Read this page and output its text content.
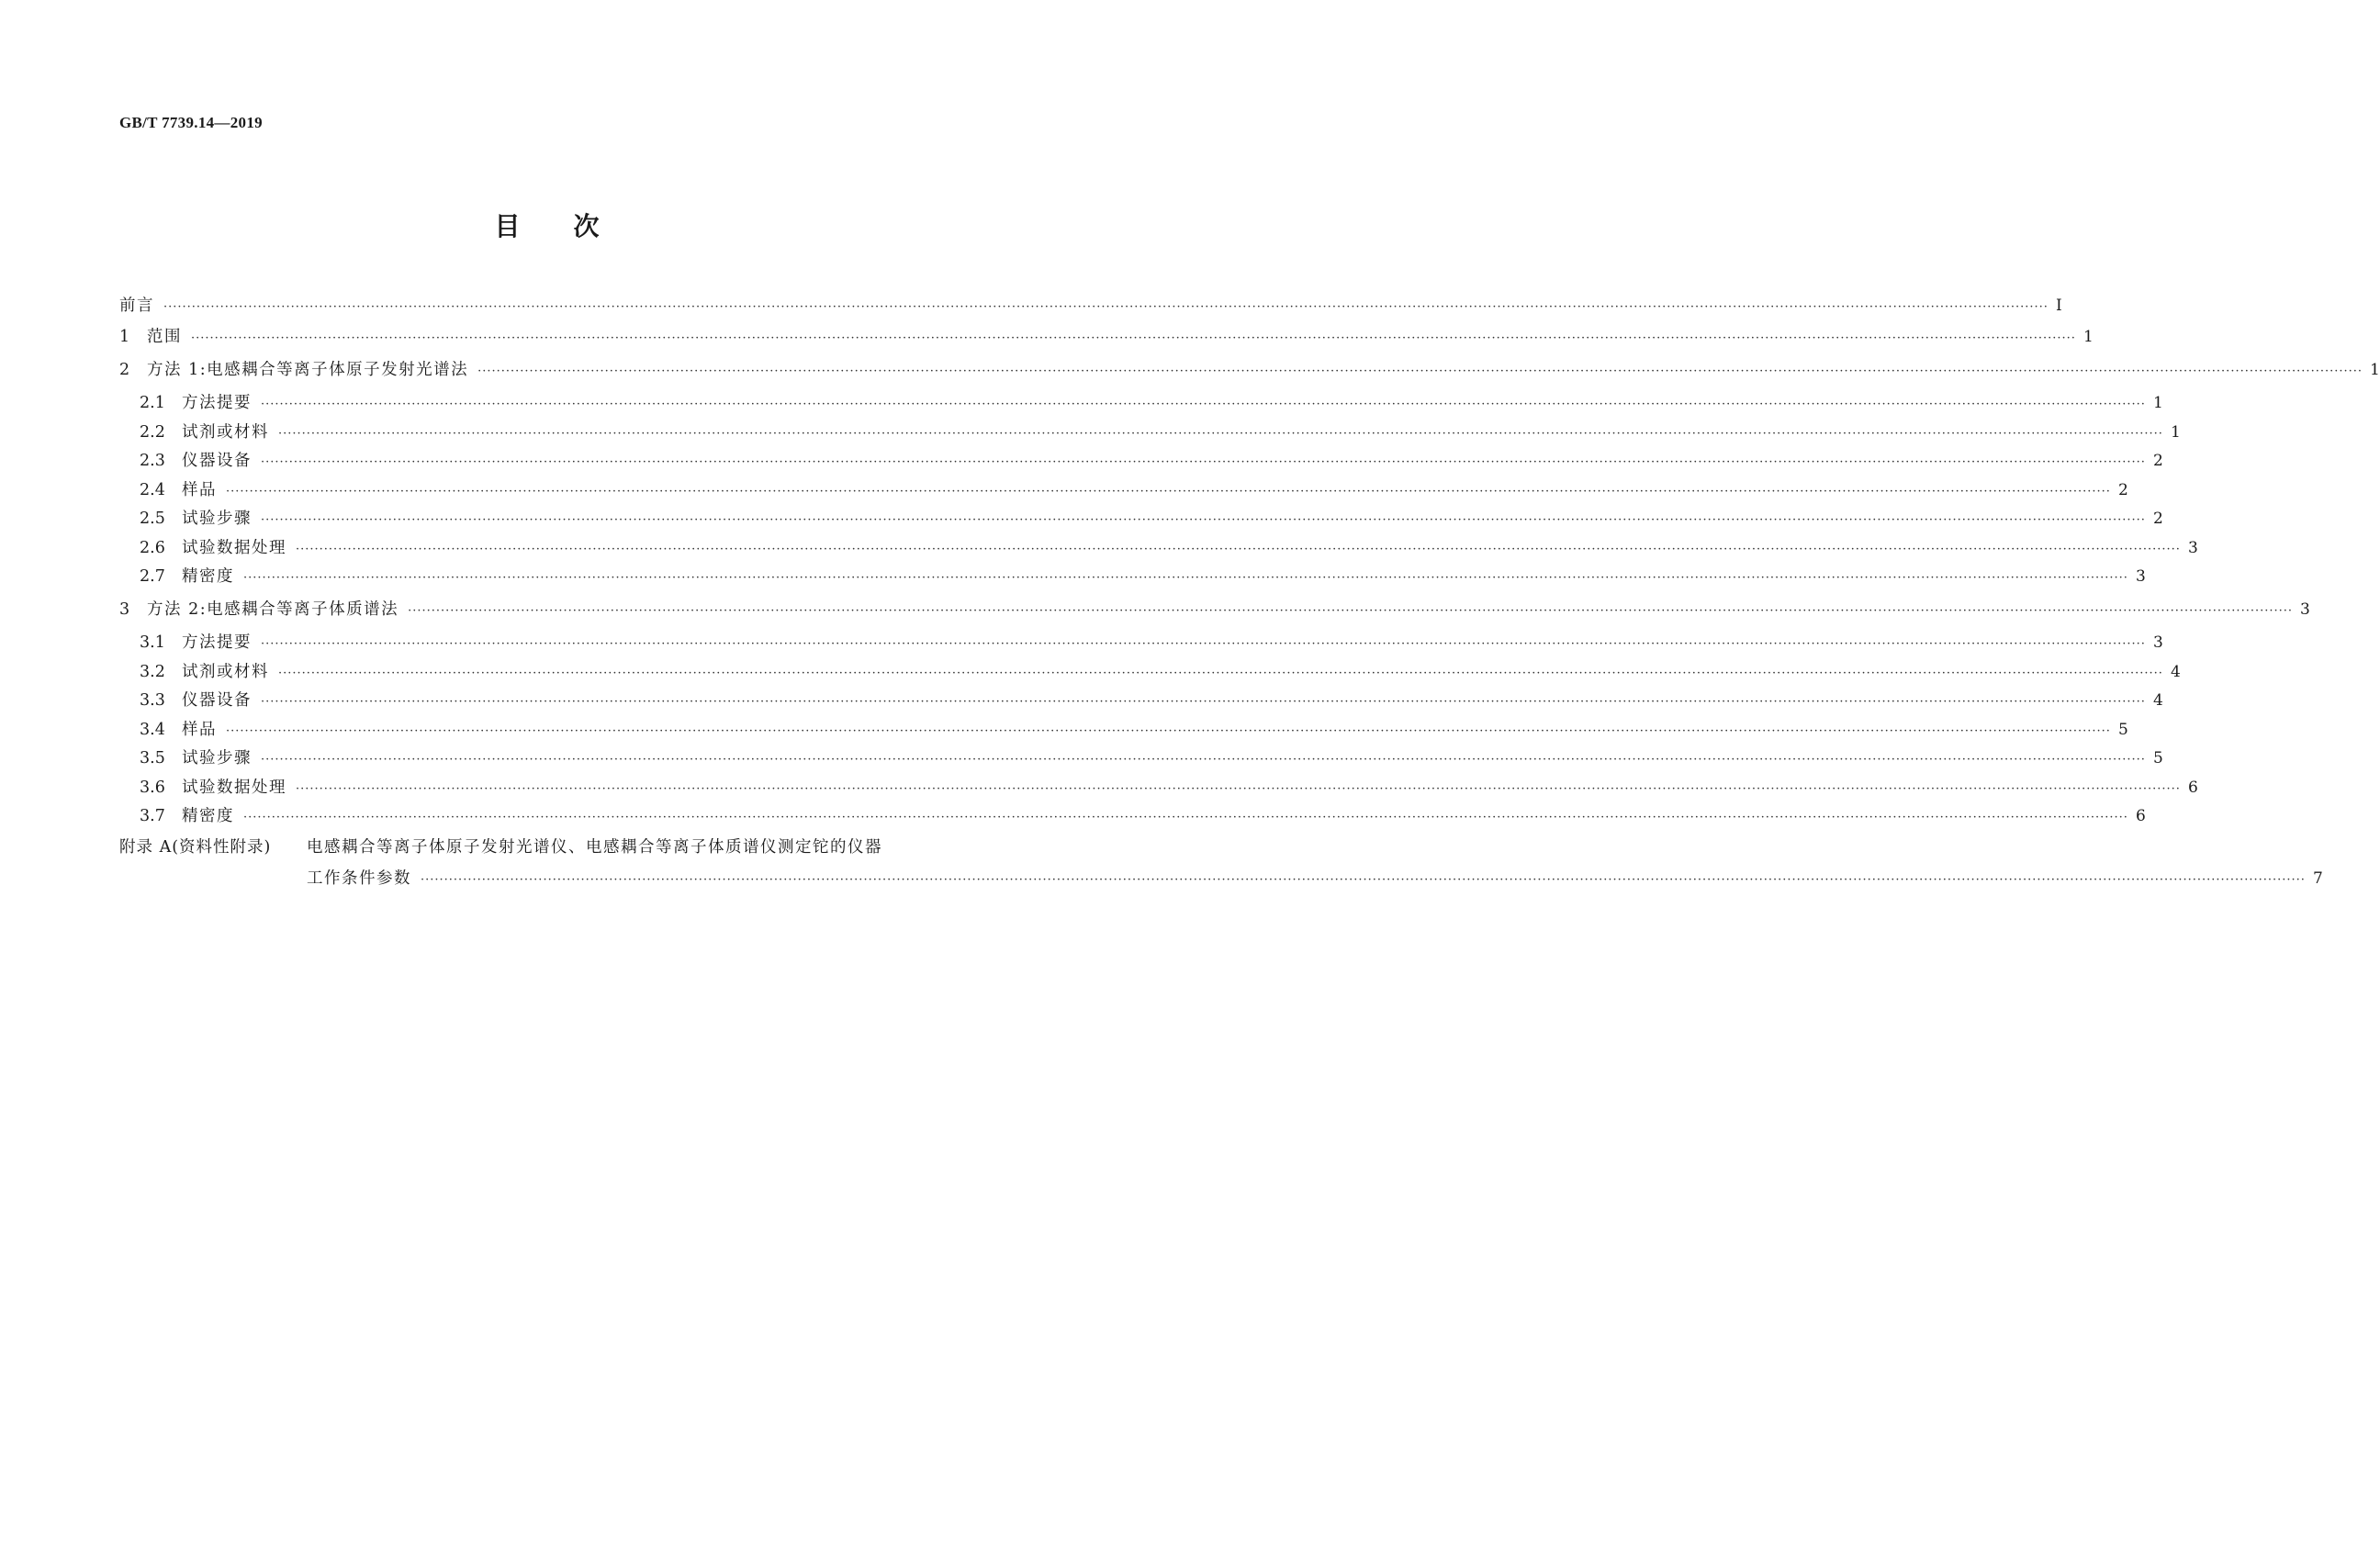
GB/T 7739.14—2019
目次
前言 ················································································································································································································································································································································································································ Ⅰ
1 范围 ················································································································································································································································································································································································································ 1
2 方法 1:电感耦合等离子体原子发射光谱法 ················································································································································································································································································································································································································ 1
2.1 方法提要 ················································································································································································································································································································································································································ 1
2.2 试剂或材料 ················································································································································································································································································································································································································ 1
2.3 仪器设备 ················································································································································································································································································································································································································ 2
2.4 样品 ················································································································································································································································································································································································································ 2
2.5 试验步骤 ················································································································································································································································································································································································································ 2
2.6 试验数据处理 ················································································································································································································································································································································································································ 3
2.7 精密度 ················································································································································································································································································································································································································ 3
3 方法 2:电感耦合等离子体质谱法 ················································································································································································································································································································································································································ 3
3.1 方法提要 ················································································································································································································································································································································································································ 3
3.2 试剂或材料 ················································································································································································································································································································································································································ 4
3.3 仪器设备 ················································································································································································································································································································································································································ 4
3.4 样品 ················································································································································································································································································································································································································ 5
3.5 试验步骤 ················································································································································································································································································································································································································ 5
3.6 试验数据处理 ················································································································································································································································································································································································································ 6
3.7 精密度 ················································································································································································································································································································································································································ 6
附录 A(资料性附录) 电感耦合等离子体原子发射光谱仪、电感耦合等离子体质谱仪测定铊的仪器
工作条件参数 ················································································································································································································································································································································································································ 7
